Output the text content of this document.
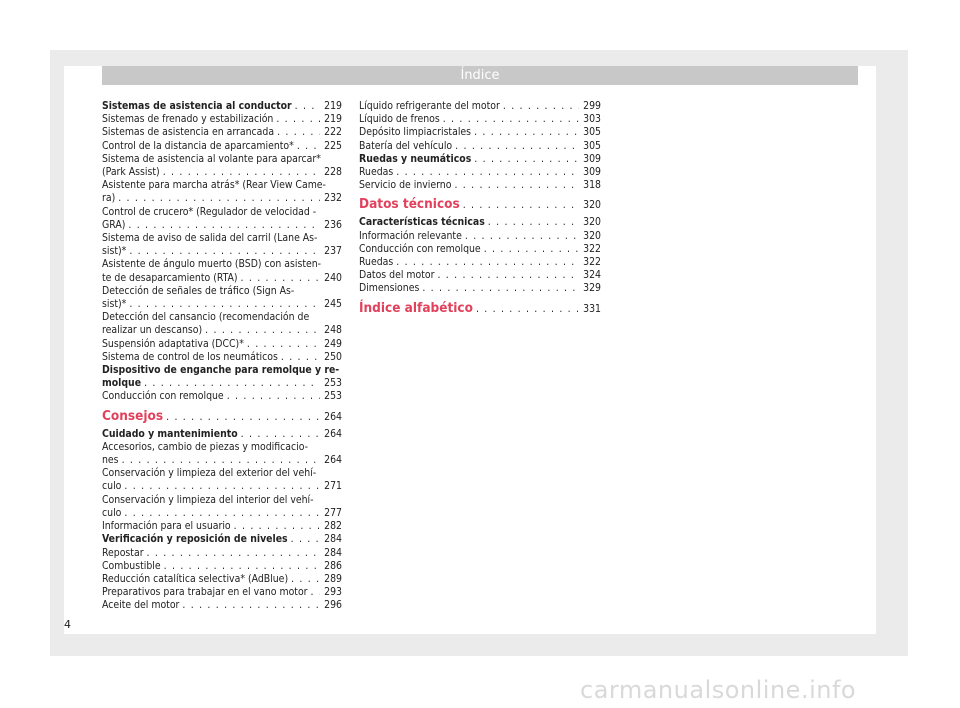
Índice
Sistemas de asistencia al conductor . . .	219
Sistemas de frenado y estabilización . . .	219
Sistemas de asistencia en arrancada . . .	222
Control de la distancia de aparcamiento* . . .	225
Sistema de asistencia al volante para aparcar*
(Park Assist) . . .	228
Asistente para marcha atrás* (Rear View Came-
ra) . . .	232
Control de crucero* (Regulador de velocidad -
GRA) . . .	236
Sistema de aviso de salida del carril (Lane As-
sist)* . . .	237
Asistente de ángulo muerto (BSD) con asisten-
te de desaparcamiento (RTA) . . .	240
Detección de señales de tráfico (Sign As-
sist)* . . .	245
Detección del cansancio (recomendación de
realizar un descanso) . . .	248
Suspensión adaptativa (DCC)* . . .	249
Sistema de control de los neumáticos . . .	250
Dispositivo de enganche para remolque y re-
molque . . .	253
Conducción con remolque . . .	253
Consejos . . .	264
Cuidado y mantenimiento . . .	264
Accesorios, cambio de piezas y modificacio-
nes . . .	264
Conservación y limpieza del exterior del vehí-
culo . . .	271
Conservación y limpieza del interior del vehí-
culo . . .	277
Información para el usuario . . .	282
Verificación y reposición de niveles . . .	284
Repostar . . .	284
Combustible . . .	286
Reducción catalítica selectiva* (AdBlue) . . .	289
Preparativos para trabajar en el vano motor . . .	293
Aceite del motor . . .	296
Líquido refrigerante del motor . . .	299
Líquido de frenos . . .	303
Depósito limpiacristales . . .	305
Batería del vehículo . . .	305
Ruedas y neumáticos . . .	309
Ruedas . . .	309
Servicio de invierno . . .	318
Datos técnicos . . .	320
Características técnicas . . .	320
Información relevante . . .	320
Conducción con remolque . . .	322
Ruedas . . .	322
Datos del motor . . .	324
Dimensiones . . .	329
Índice alfabético . . .	331
4
carmanualsonline.info
